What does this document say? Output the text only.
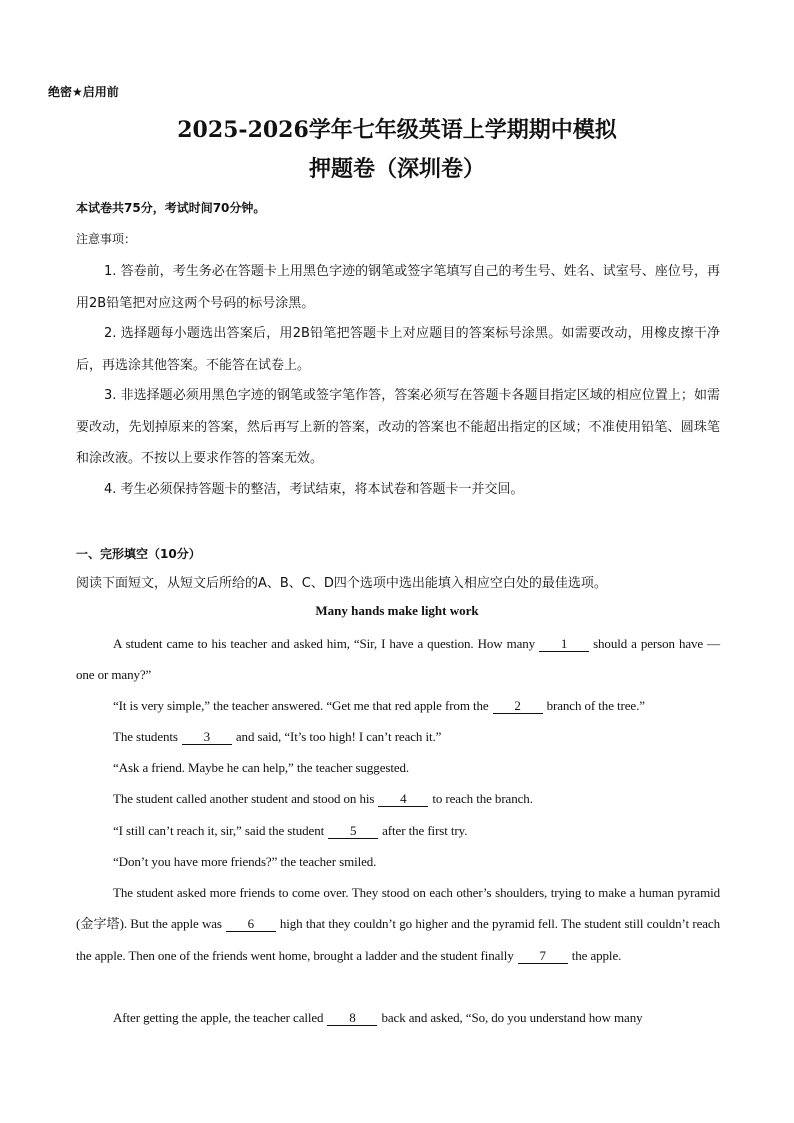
绝密★启用前
2025-2026学年七年级英语上学期期中模拟
押题卷（深圳卷）
本试卷共75分，考试时间70分钟。
注意事项：
1. 答卷前，考生务必在答题卡上用黑色字迹的钢笔或签字笔填写自己的考生号、姓名、试室号、座位号，再用2B铅笔把对应这两个号码的标号涂黑。
2. 选择题每小题选出答案后，用2B铅笔把答题卡上对应题目的答案标号涂黑。如需要改动，用橡皮擦干净后，再选涂其他答案。不能答在试卷上。
3. 非选择题必须用黑色字迹的钢笔或签字笔作答，答案必须写在答题卡各题目指定区域的相应位置上；如需要改动，先划掉原来的答案，然后再写上新的答案，改动的答案也不能超出指定的区域；不准使用铅笔、圆珠笔和涂改液。不按以上要求作答的答案无效。
4. 考生必须保持答题卡的整洁，考试结束，将本试卷和答题卡一并交回。
一、完形填空（10分）
阅读下面短文，从短文后所给的A、B、C、D四个选项中选出能填入相应空白处的最佳选项。
Many hands make light work
A student came to his teacher and asked him, “Sir, I have a question. How many 1 should a person have — one or many?”
“It is very simple,” the teacher answered. “Get me that red apple from the 2 branch of the tree.”
The students 3 and said, “It’s too high! I can’t reach it.”
“Ask a friend. Maybe he can help,” the teacher suggested.
The student called another student and stood on his 4 to reach the branch.
“I still can’t reach it, sir,” said the student 5 after the first try.
“Don’t you have more friends?” the teacher smiled.
The student asked more friends to come over. They stood on each other’s shoulders, trying to make a human pyramid (金字塔). But the apple was 6 high that they couldn’t go higher and the pyramid fell. The student still couldn’t reach the apple. Then one of the friends went home, brought a ladder and the student finally 7 the apple.
After getting the apple, the teacher called 8 back and asked, “So, do you understand how many
